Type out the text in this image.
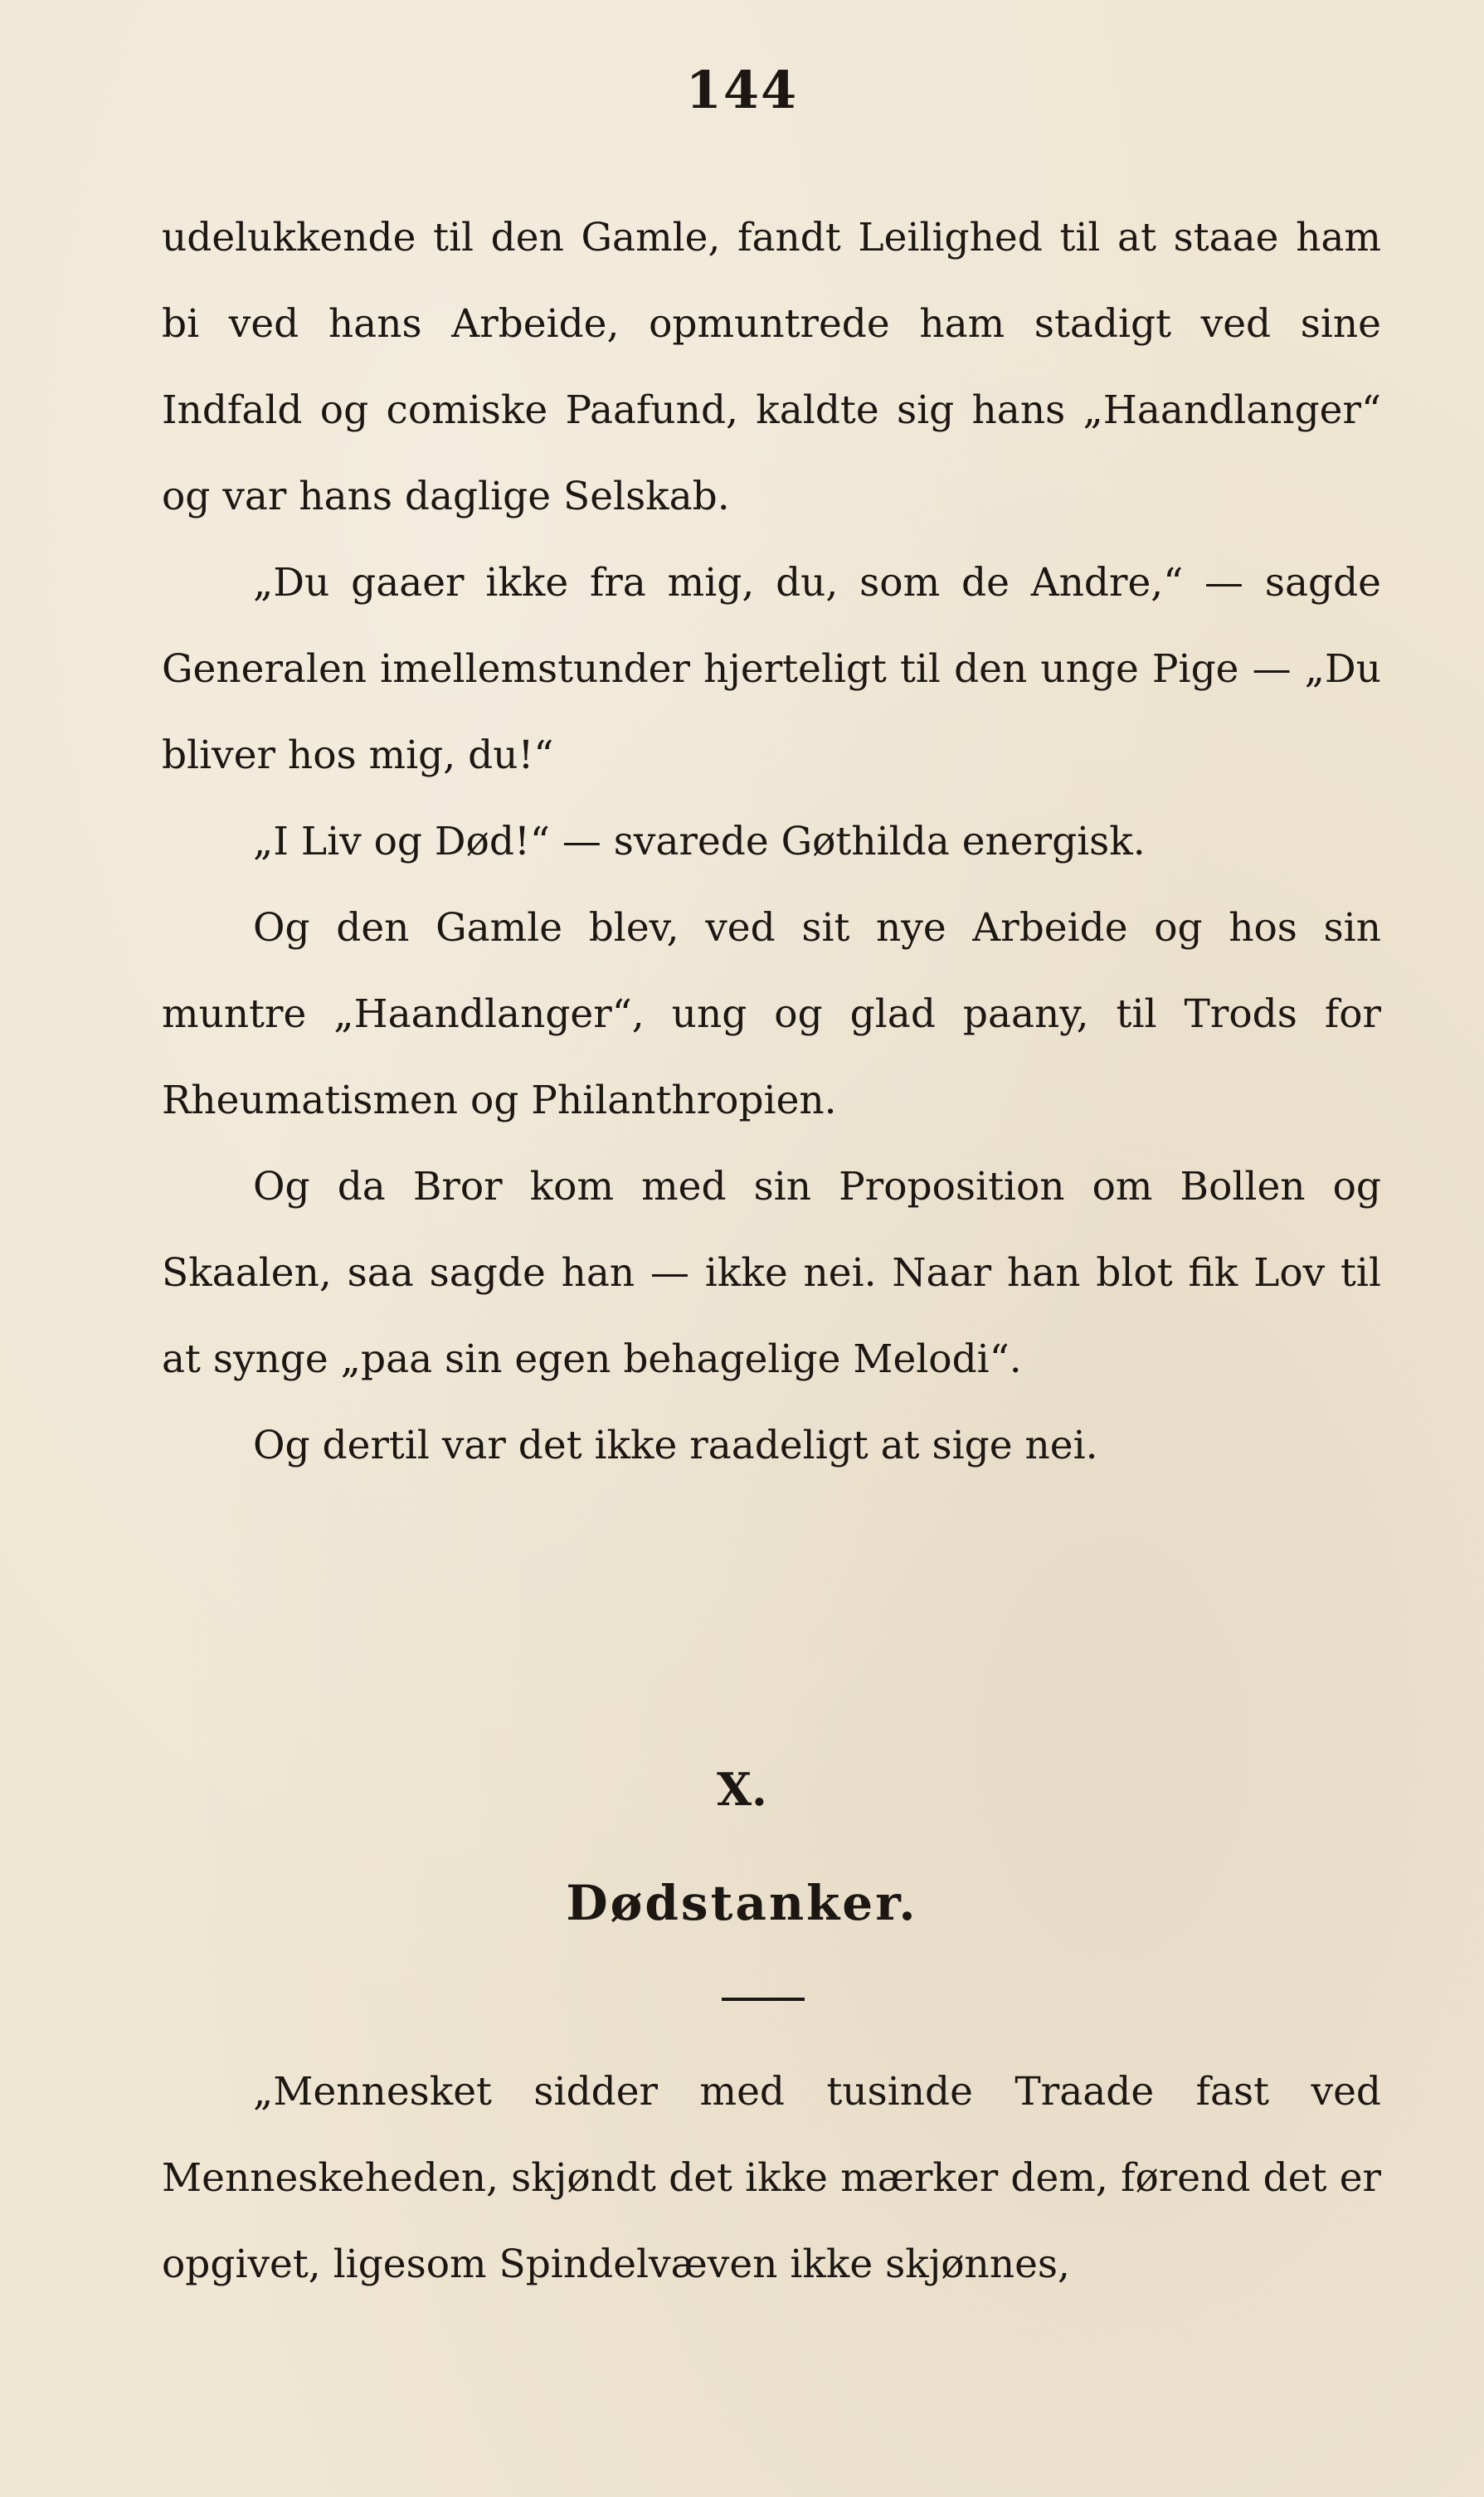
144

udelukkende til den Gamle, fandt Leilighed til at staae ham bi ved hans Arbeide, opmuntrede ham stadigt ved sine Indfald og comiske Paafund, kaldte sig hans „Haandlanger“ og var hans daglige Selskab.

„Du gaaer ikke fra mig, du, som de Andre,“ — sagde Generalen imellemstunder hjerteligt til den unge Pige — „Du bliver hos mig, du!“

„I Liv og Død!“ — svarede Gøthilda energisk.

Og den Gamle blev, ved sit nye Arbeide og hos sin muntre „Haandlanger“, ung og glad paany, til Trods for Rheumatismen og Philanthropien.

Og da Bror kom med sin Proposition om Bollen og Skaalen, saa sagde han — ikke nei. Naar han blot fik Lov til at synge „paa sin egen behagelige Melodi“.

Og dertil var det ikke raadeligt at sige nei.

X.
Dødstanker.

„Mennesket sidder med tusinde Traade fast ved Menneskeheden, skjøndt det ikke mærker dem, førend det er opgivet, ligesom Spindelvæven ikke skjønnes,
